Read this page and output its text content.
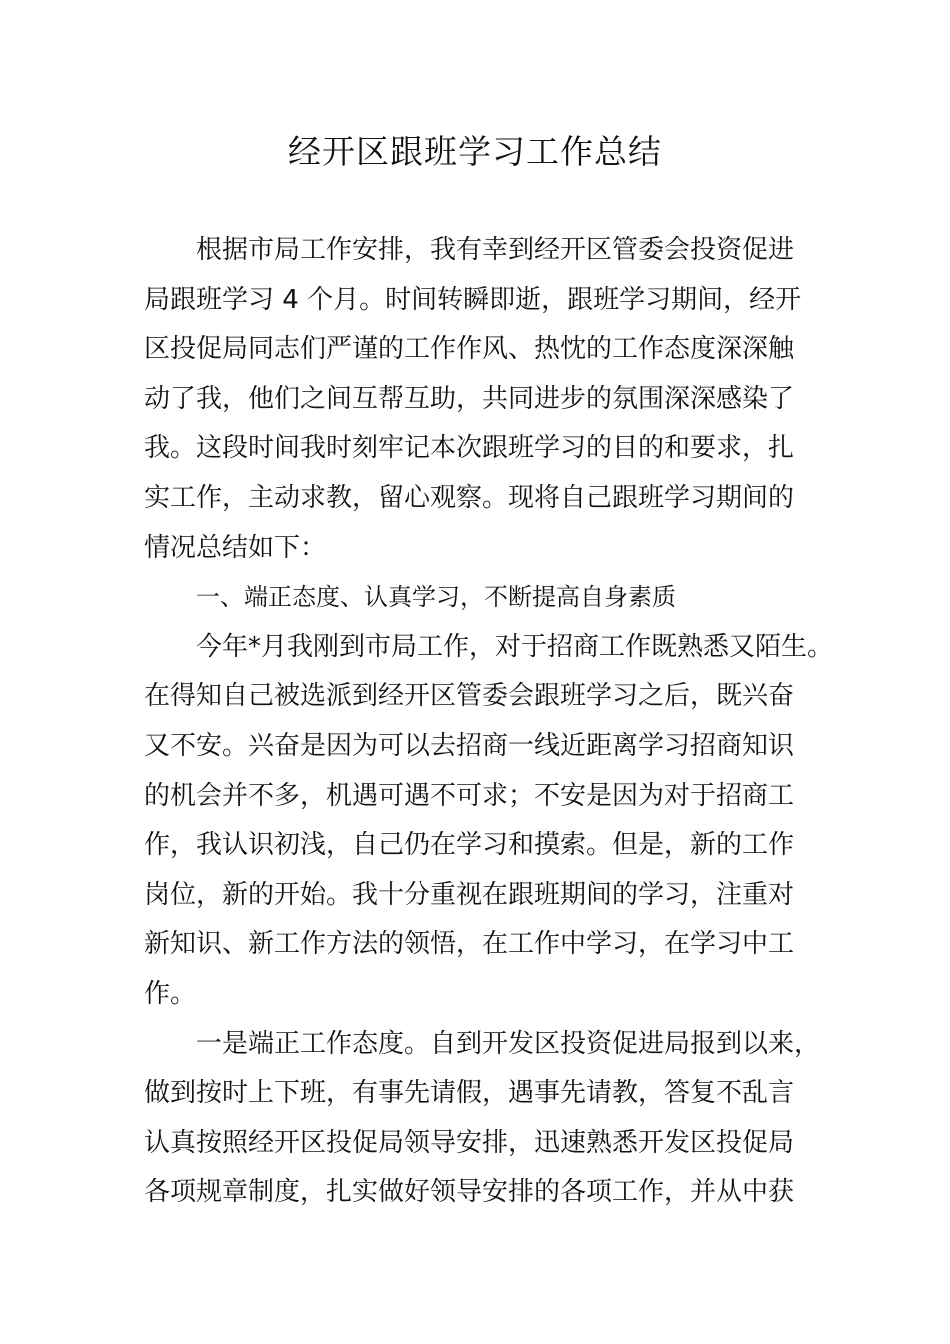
经开区跟班学习工作总结
根据市局工作安排，我有幸到经开区管委会投资促进
局跟班学习 4 个月。时间转瞬即逝，跟班学习期间，经开
区投促局同志们严谨的工作作风、热忱的工作态度深深触
动了我，他们之间互帮互助，共同进步的氛围深深感染了
我。这段时间我时刻牢记本次跟班学习的目的和要求，扎
实工作，主动求教，留心观察。现将自己跟班学习期间的
情况总结如下：
一、端正态度、认真学习，不断提高自身素质
今年*月我刚到市局工作，对于招商工作既熟悉又陌生。
在得知自己被选派到经开区管委会跟班学习之后，既兴奋
又不安。兴奋是因为可以去招商一线近距离学习招商知识
的机会并不多，机遇可遇不可求；不安是因为对于招商工
作，我认识初浅，自己仍在学习和摸索。但是，新的工作
岗位，新的开始。我十分重视在跟班期间的学习，注重对
新知识、新工作方法的领悟，在工作中学习，在学习中工
作。
一是端正工作态度。自到开发区投资促进局报到以来，
做到按时上下班，有事先请假，遇事先请教，答复不乱言
认真按照经开区投促局领导安排，迅速熟悉开发区投促局
各项规章制度，扎实做好领导安排的各项工作，并从中获
